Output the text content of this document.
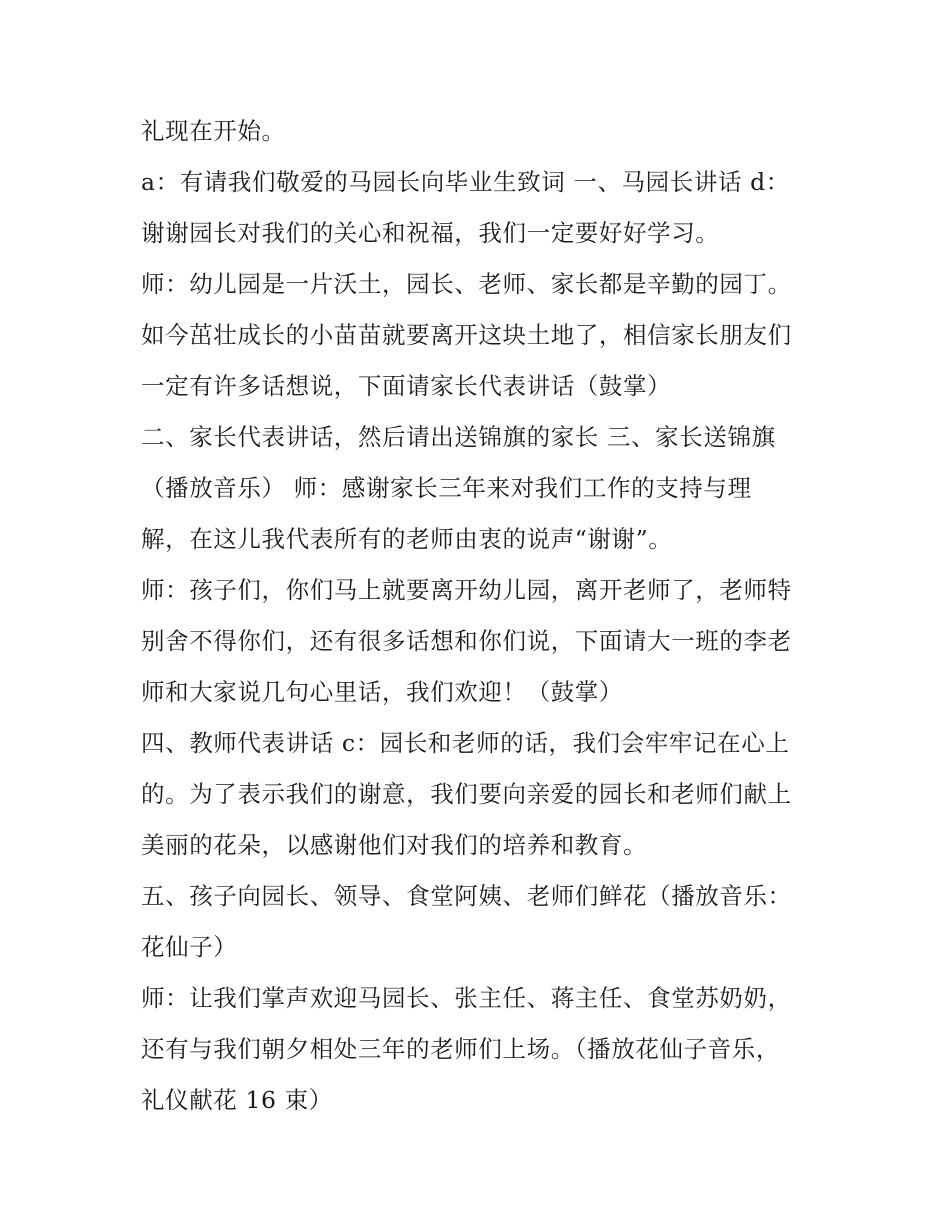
礼现在开始。
a：有请我们敬爱的马园长向毕业生致词 一、马园长讲话 d：
谢谢园长对我们的关心和祝福，我们一定要好好学习。
师：幼儿园是一片沃土，园长、老师、家长都是辛勤的园丁。
如今茁壮成长的小苗苗就要离开这块土地了，相信家长朋友们
一定有许多话想说，下面请家长代表讲话（鼓掌）
二、家长代表讲话，然后请出送锦旗的家长 三、家长送锦旗
（播放音乐） 师：感谢家长三年来对我们工作的支持与理
解，在这儿我代表所有的老师由衷的说声“谢谢”。
师：孩子们，你们马上就要离开幼儿园，离开老师了，老师特
别舍不得你们，还有很多话想和你们说，下面请大一班的李老
师和大家说几句心里话，我们欢迎！（鼓掌）
四、教师代表讲话 c：园长和老师的话，我们会牢牢记在心上
的。为了表示我们的谢意，我们要向亲爱的园长和老师们献上
美丽的花朵，以感谢他们对我们的培养和教育。
五、孩子向园长、领导、食堂阿姨、老师们鲜花（播放音乐：
花仙子）
师：让我们掌声欢迎马园长、张主任、蒋主任、食堂苏奶奶，
还有与我们朝夕相处三年的老师们上场。（播放花仙子音乐，
礼仪献花 16 束）
